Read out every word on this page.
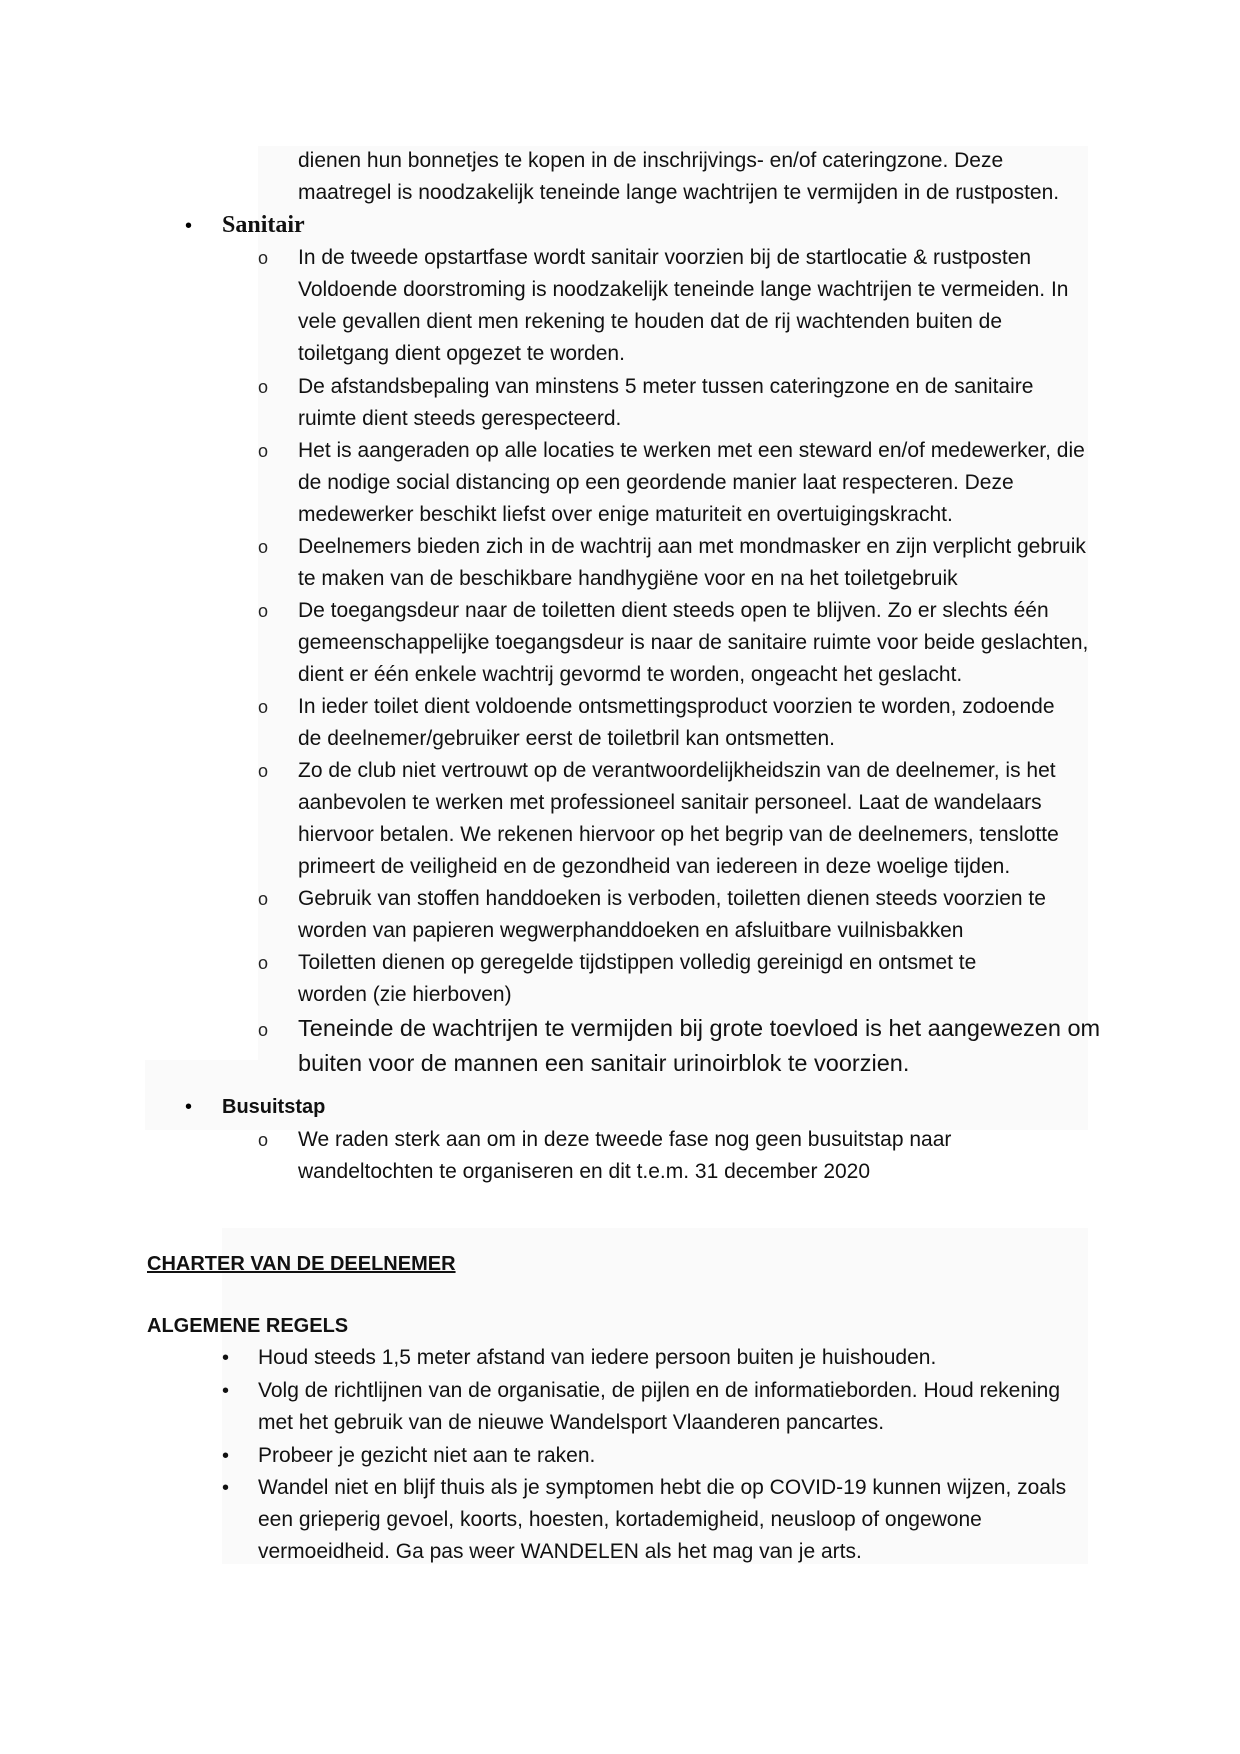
dienen hun bonnetjes te kopen in de inschrijvings- en/of cateringzone. Deze
maatregel is noodzakelijk teneinde lange wachtrijen te vermijden in de rustposten.
• Sanitair
o In de tweede opstartfase wordt sanitair voorzien bij de startlocatie & rustposten
Voldoende doorstroming is noodzakelijk teneinde lange wachtrijen te vermeiden. In
vele gevallen dient men rekening te houden dat de rij wachtenden buiten de
toiletgang dient opgezet te worden.
o De afstandsbepaling van minstens 5 meter tussen cateringzone en de sanitaire
ruimte dient steeds gerespecteerd.
o Het is aangeraden op alle locaties te werken met een steward en/of medewerker, die
de nodige social distancing op een geordende manier laat respecteren. Deze
medewerker beschikt liefst over enige maturiteit en overtuigingskracht.
o Deelnemers bieden zich in de wachtrij aan met mondmasker en zijn verplicht gebruik
te maken van de beschikbare handhygiëne voor en na het toiletgebruik
o De toegangsdeur naar de toiletten dient steeds open te blijven. Zo er slechts één
gemeenschappelijke toegangsdeur is naar de sanitaire ruimte voor beide geslachten,
dient er één enkele wachtrij gevormd te worden, ongeacht het geslacht.
o In ieder toilet dient voldoende ontsmettingsproduct voorzien te worden, zodoende
de deelnemer/gebruiker eerst de toiletbril kan ontsmetten.
o Zo de club niet vertrouwt op de verantwoordelijkheidszin van de deelnemer, is het
aanbevolen te werken met professioneel sanitair personeel. Laat de wandelaars
hiervoor betalen. We rekenen hiervoor op het begrip van de deelnemers, tenslotte
primeert de veiligheid en de gezondheid van iedereen in deze woelige tijden.
o Gebruik van stoffen handdoeken is verboden, toiletten dienen steeds voorzien te
worden van papieren wegwerphanddoeken en afsluitbare vuilnisbakken
o Toiletten dienen op geregelde tijdstippen volledig gereinigd en ontsmet te
worden (zie hierboven)
o Teneinde de wachtrijen te vermijden bij grote toevloed is het aangewezen om
buiten voor de mannen een sanitair urinoirblok te voorzien.
• Busuitstap
o We raden sterk aan om in deze tweede fase nog geen busuitstap naar
wandeltochten te organiseren en dit t.e.m. 31 december 2020
CHARTER VAN DE DEELNEMER
ALGEMENE REGELS
• Houd steeds 1,5 meter afstand van iedere persoon buiten je huishouden.
• Volg de richtlijnen van de organisatie, de pijlen en de informatieborden. Houd rekening
met het gebruik van de nieuwe Wandelsport Vlaanderen pancartes.
• Probeer je gezicht niet aan te raken.
• Wandel niet en blijf thuis als je symptomen hebt die op COVID-19 kunnen wijzen, zoals
een grieperig gevoel, koorts, hoesten, kortademigheid, neusloop of ongewone
vermoeidheid. Ga pas weer WANDELEN als het mag van je arts.
